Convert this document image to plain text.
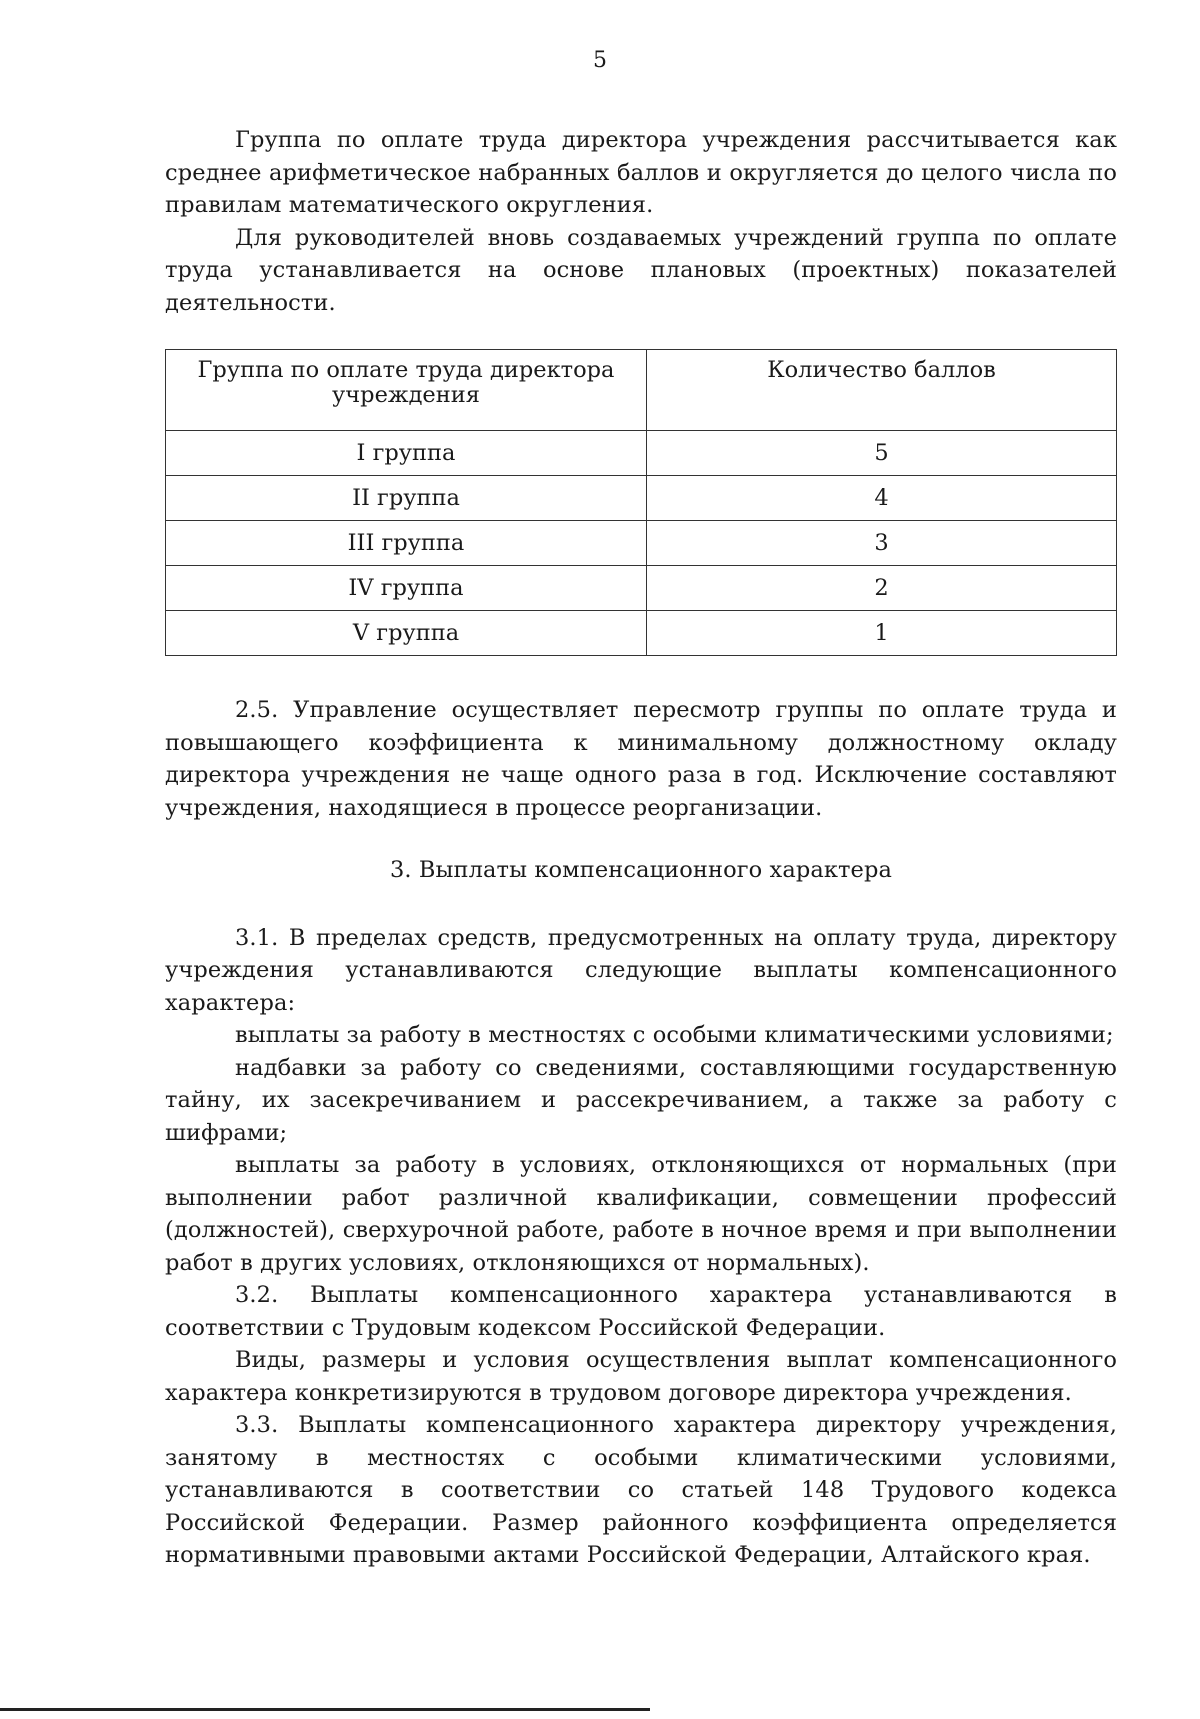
5

Группа по оплате труда директора учреждения рассчитывается как среднее арифметическое набранных баллов и округляется до целого числа по правилам математического округления.

Для руководителей вновь создаваемых учреждений группа по оплате труда устанавливается на основе плановых (проектных) показателей деятельности.

Группа по оплате труда директора учреждения	Количество баллов
I группа	5
II группа	4
III группа	3
IV группа	2
V группа	1

2.5. Управление осуществляет пересмотр группы по оплате труда и повышающего коэффициента к минимальному должностному окладу директора учреждения не чаще одного раза в год. Исключение составляют учреждения, находящиеся в процессе реорганизации.

3. Выплаты компенсационного характера

3.1. В пределах средств, предусмотренных на оплату труда, директору учреждения устанавливаются следующие выплаты компенсационного характера:

выплаты за работу в местностях с особыми климатическими условиями;

надбавки за работу со сведениями, составляющими государственную тайну, их засекречиванием и рассекречиванием, а также за работу с шифрами;

выплаты за работу в условиях, отклоняющихся от нормальных (при выполнении работ различной квалификации, совмещении профессий (должностей), сверхурочной работе, работе в ночное время и при выполнении работ в других условиях, отклоняющихся от нормальных).

3.2. Выплаты компенсационного характера устанавливаются в соответствии с Трудовым кодексом Российской Федерации.

Виды, размеры и условия осуществления выплат компенсационного характера конкретизируются в трудовом договоре директора учреждения.

3.3. Выплаты компенсационного характера директору учреждения, занятому в местностях с особыми климатическими условиями, устанавливаются в соответствии со статьей 148 Трудового кодекса Российской Федерации. Размер районного коэффициента определяется нормативными правовыми актами Российской Федерации, Алтайского края.
